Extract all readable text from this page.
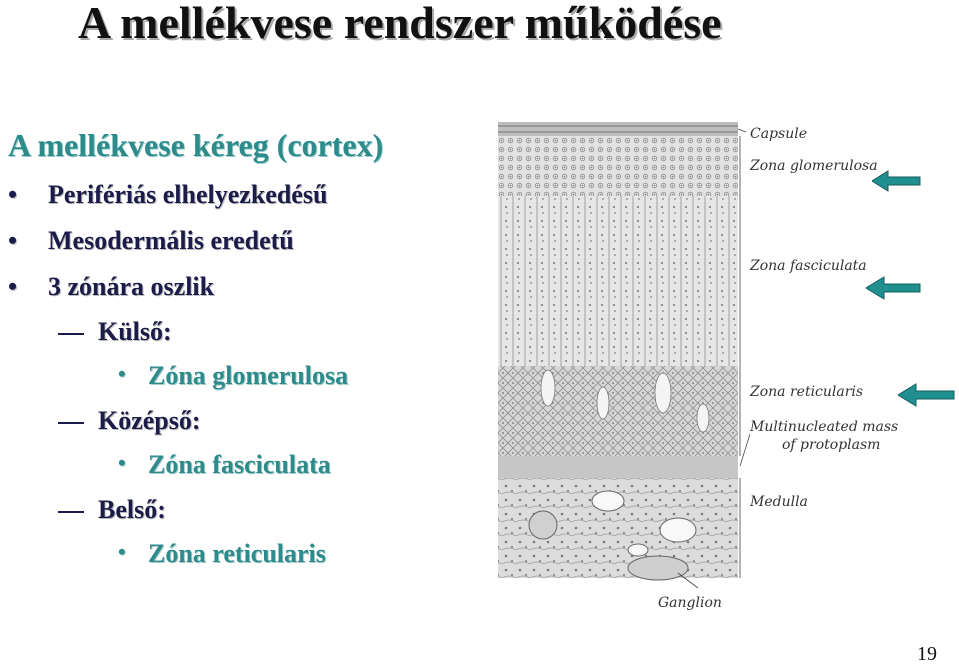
A mellékvese rendszer működése
A mellékvese kéreg (cortex)
• Perifériás elhelyezkedésű
• Mesodermális eredetű
• 3 zónára oszlik
Külső:
• Zóna glomerulosa
Középső:
• Zóna fasciculata
Belső:
• Zóna reticularis
Capsule
Zona glomerulosa
Zona fasciculata
Zona reticularis
Multinucleated mass
of protoplasm
Medulla
Ganglion
19
